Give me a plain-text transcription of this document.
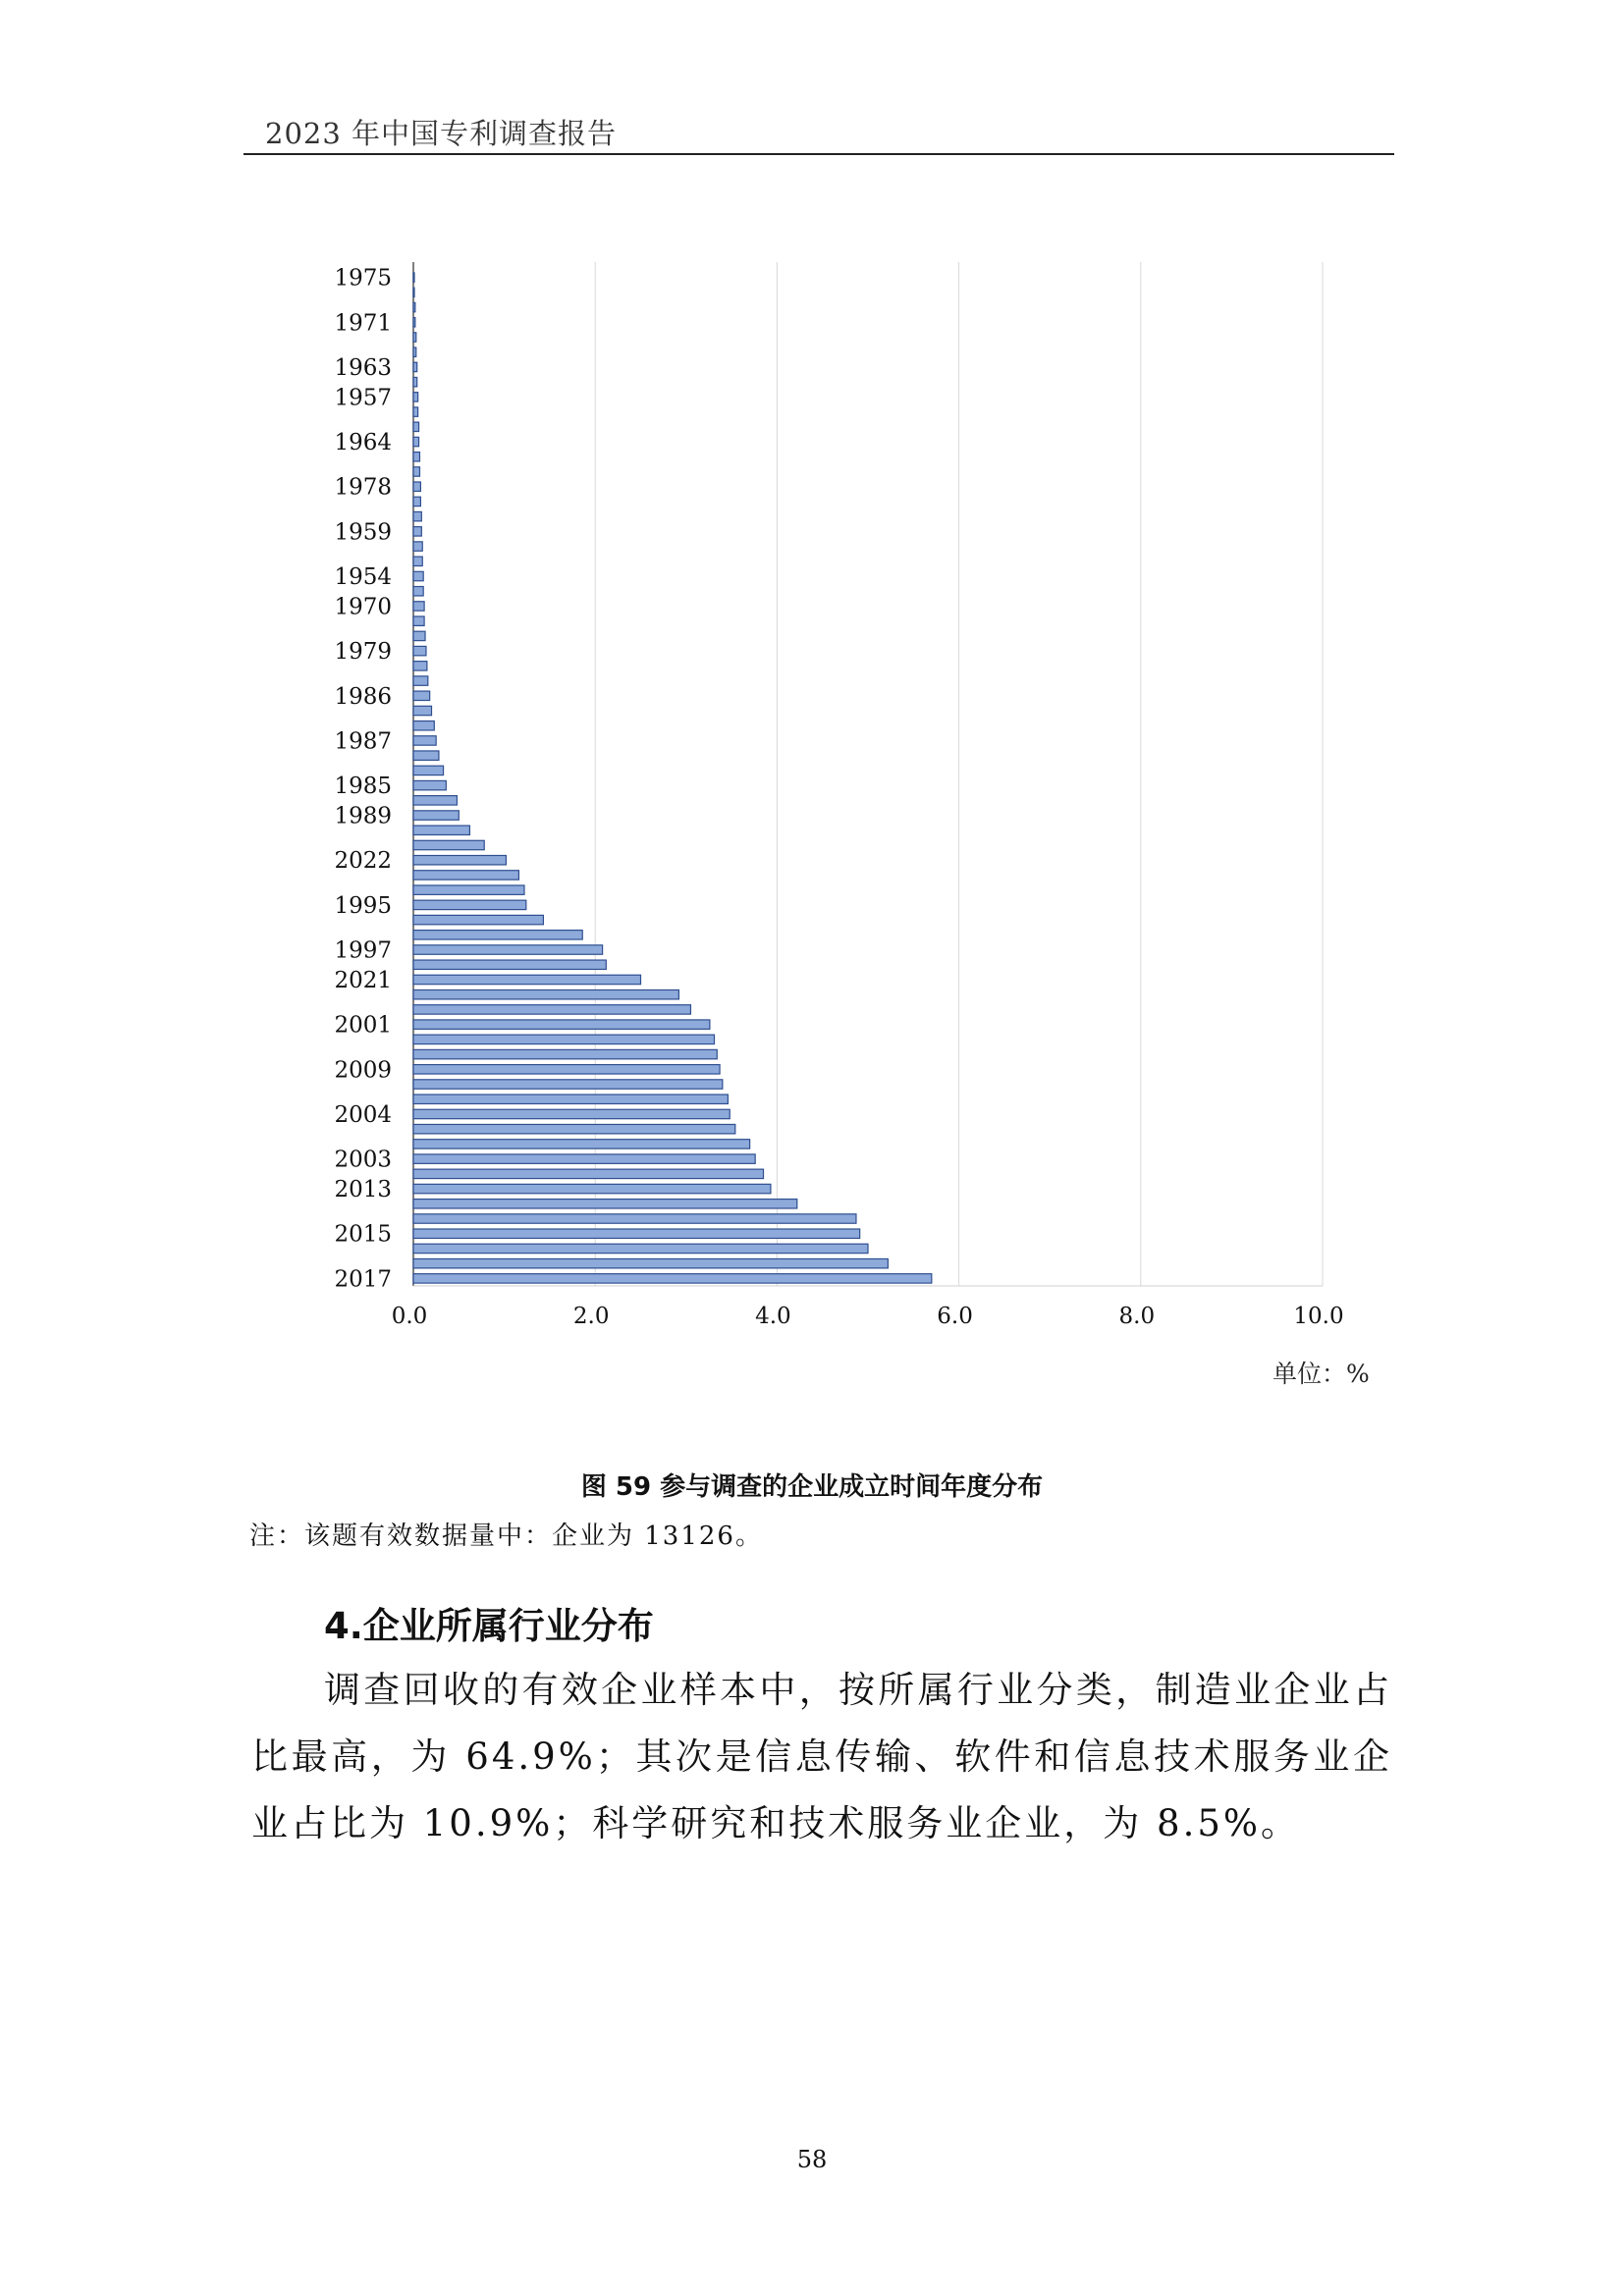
2023 年中国专利调查报告
1975
1971
1963
1957
1964
1978
1959
1954
1970
1979
1986
1987
1985
1989
2022
1995
1997
2021
2001
2009
2004
2003
2013
2015
2017
0.0	2.0	4.0	6.0	8.0	10.0
单位：%
图 59 参与调查的企业成立时间年度分布
注：该题有效数据量中：企业为 13126。
4.企业所属行业分布
调查回收的有效企业样本中，按所属行业分类，制造业企业占比最高，为 64.9%；其次是信息传输、软件和信息技术服务业企业占比为 10.9%；科学研究和技术服务业企业，为 8.5%。
58
